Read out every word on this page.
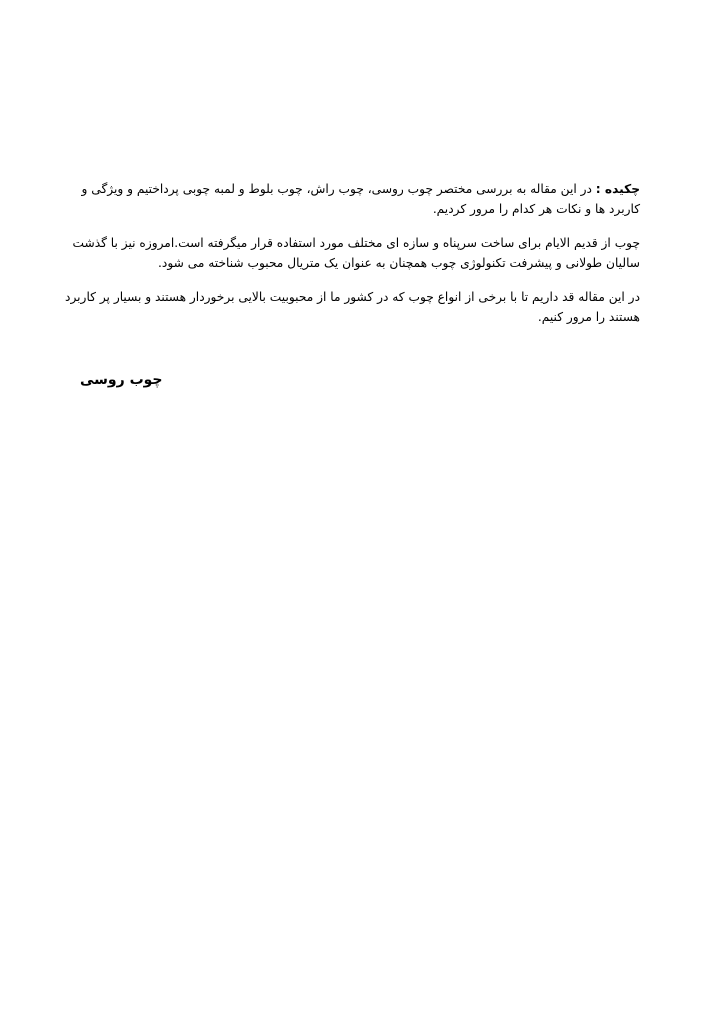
چکیده : در این مقاله به بررسی مختصر چوب روسی، چوب راش، چوب بلوط و لمبه چوبی پرداختیم و ویژگی و
کاربرد ها و نکات هر کدام را مرور کردیم.

چوب از قدیم الایام برای ساخت سرپناه و سازه ای مختلف مورد استفاده قرار میگرفته است.امروزه نیز با گذشت
سالیان طولانی و پیشرفت تکنولوژی چوب همچنان به عنوان یک متریال محبوب شناخته می شود.

در این مقاله قد داریم تا با برخی از انواع چوب که در کشور ما از محبوبیت بالایی برخوردار هستند و بسیار پر کاربرد
هستند را مرور کنیم.

چوب روسی
